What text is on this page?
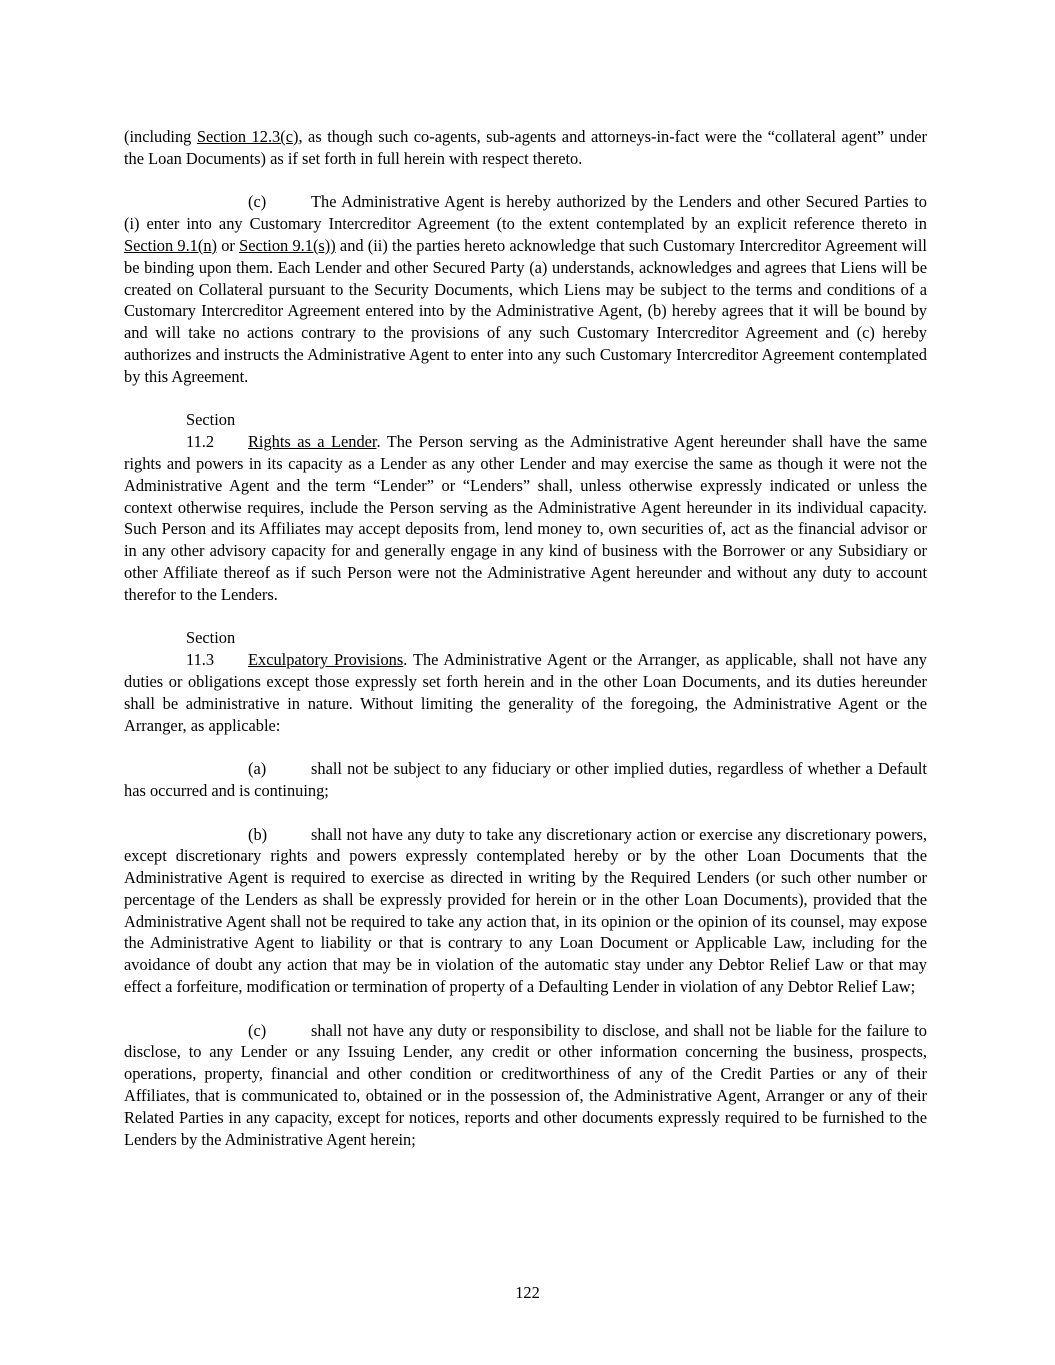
(including Section 12.3(c), as though such co-agents, sub-agents and attorneys-in-fact were the “collateral agent” under the Loan Documents) as if set forth in full herein with respect thereto.

(c)	The Administrative Agent is hereby authorized by the Lenders and other Secured Parties to (i) enter into any Customary Intercreditor Agreement (to the extent contemplated by an explicit reference thereto in Section 9.1(n) or Section 9.1(s)) and (ii) the parties hereto acknowledge that such Customary Intercreditor Agreement will be binding upon them. Each Lender and other Secured Party (a) understands, acknowledges and agrees that Liens will be created on Collateral pursuant to the Security Documents, which Liens may be subject to the terms and conditions of a Customary Intercreditor Agreement entered into by the Administrative Agent, (b) hereby agrees that it will be bound by and will take no actions contrary to the provisions of any such Customary Intercreditor Agreement and (c) hereby authorizes and instructs the Administrative Agent to enter into any such Customary Intercreditor Agreement contemplated by this Agreement.

Section 11.2 Rights as a Lender. The Person serving as the Administrative Agent hereunder shall have the same rights and powers in its capacity as a Lender as any other Lender and may exercise the same as though it were not the Administrative Agent and the term “Lender” or “Lenders” shall, unless otherwise expressly indicated or unless the context otherwise requires, include the Person serving as the Administrative Agent hereunder in its individual capacity. Such Person and its Affiliates may accept deposits from, lend money to, own securities of, act as the financial advisor or in any other advisory capacity for and generally engage in any kind of business with the Borrower or any Subsidiary or other Affiliate thereof as if such Person were not the Administrative Agent hereunder and without any duty to account therefor to the Lenders.

Section 11.3 Exculpatory Provisions. The Administrative Agent or the Arranger, as applicable, shall not have any duties or obligations except those expressly set forth herein and in the other Loan Documents, and its duties hereunder shall be administrative in nature. Without limiting the generality of the foregoing, the Administrative Agent or the Arranger, as applicable:

(a)	shall not be subject to any fiduciary or other implied duties, regardless of whether a Default has occurred and is continuing;

(b)	shall not have any duty to take any discretionary action or exercise any discretionary powers, except discretionary rights and powers expressly contemplated hereby or by the other Loan Documents that the Administrative Agent is required to exercise as directed in writing by the Required Lenders (or such other number or percentage of the Lenders as shall be expressly provided for herein or in the other Loan Documents), provided that the Administrative Agent shall not be required to take any action that, in its opinion or the opinion of its counsel, may expose the Administrative Agent to liability or that is contrary to any Loan Document or Applicable Law, including for the avoidance of doubt any action that may be in violation of the automatic stay under any Debtor Relief Law or that may effect a forfeiture, modification or termination of property of a Defaulting Lender in violation of any Debtor Relief Law;

(c)	shall not have any duty or responsibility to disclose, and shall not be liable for the failure to disclose, to any Lender or any Issuing Lender, any credit or other information concerning the business, prospects, operations, property, financial and other condition or creditworthiness of any of the Credit Parties or any of their Affiliates, that is communicated to, obtained or in the possession of, the Administrative Agent, Arranger or any of their Related Parties in any capacity, except for notices, reports and other documents expressly required to be furnished to the Lenders by the Administrative Agent herein;

122
